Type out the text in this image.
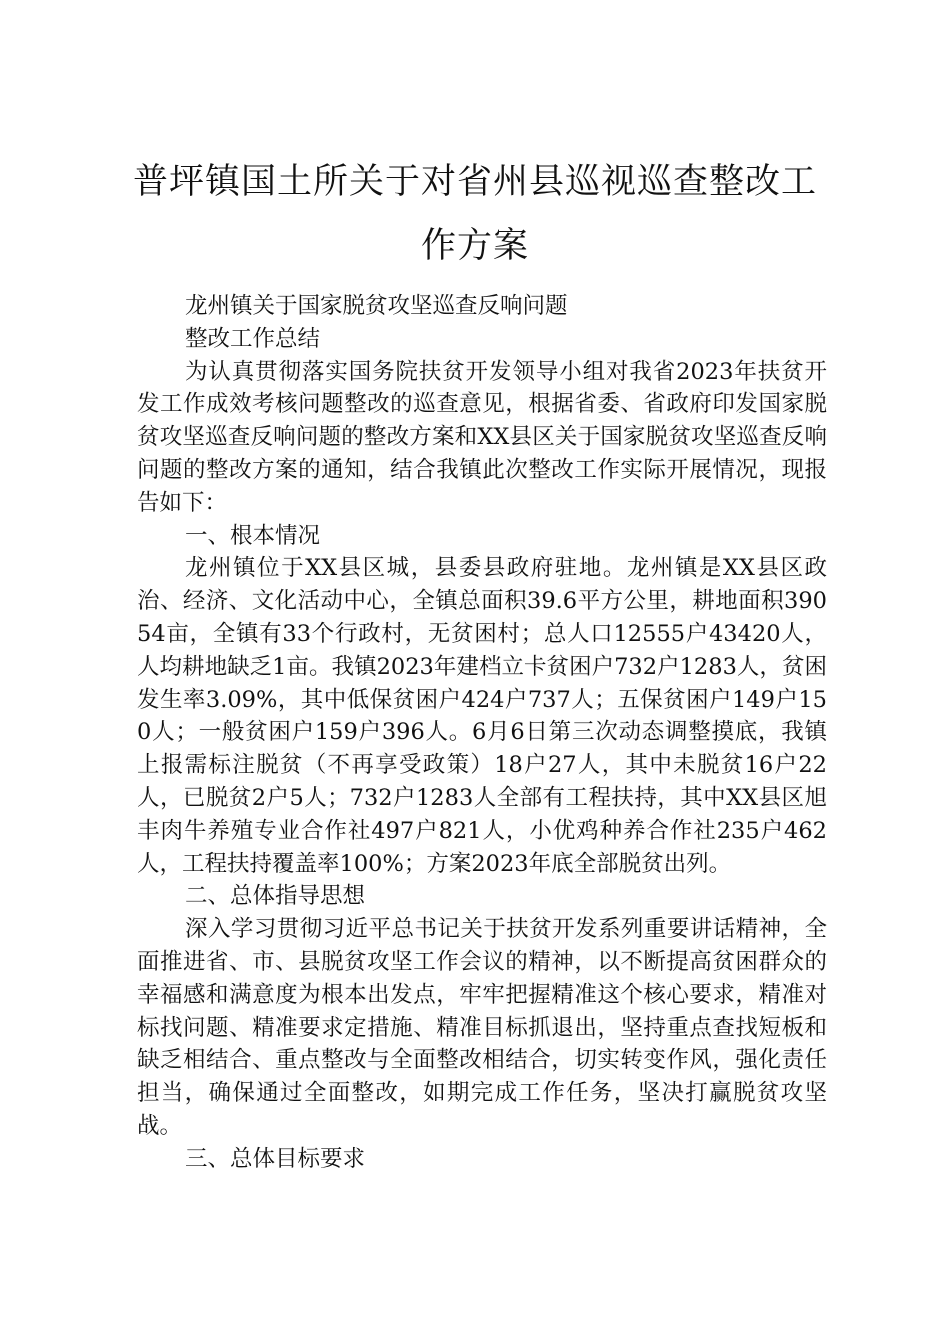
普坪镇国土所关于对省州县巡视巡查整改工作方案

龙州镇关于国家脱贫攻坚巡查反响问题

整改工作总结

为认真贯彻落实国务院扶贫开发领导小组对我省2023年扶贫开发工作成效考核问题整改的巡查意见，根据省委、省政府印发国家脱贫攻坚巡查反响问题的整改方案和XX县区关于国家脱贫攻坚巡查反响问题的整改方案的通知，结合我镇此次整改工作实际开展情况，现报告如下：

一、根本情况

龙州镇位于XX县区城，县委县政府驻地。龙州镇是XX县区政治、经济、文化活动中心，全镇总面积39.6平方公里，耕地面积39054亩，全镇有33个行政村，无贫困村；总人口12555户43420人，人均耕地缺乏1亩。我镇2023年建档立卡贫困户732户1283人，贫困发生率3.09%，其中低保贫困户424户737人；五保贫困户149户150人；一般贫困户159户396人。6月6日第三次动态调整摸底，我镇上报需标注脱贫（不再享受政策）18户27人，其中未脱贫16户22人，已脱贫2户5人；732户1283人全部有工程扶持，其中XX县区旭丰肉牛养殖专业合作社497户821人，小优鸡种养合作社235户462人，工程扶持覆盖率100%；方案2023年底全部脱贫出列。

二、总体指导思想

深入学习贯彻习近平总书记关于扶贫开发系列重要讲话精神，全面推进省、市、县脱贫攻坚工作会议的精神，以不断提高贫困群众的幸福感和满意度为根本出发点，牢牢把握精准这个核心要求，精准对标找问题、精准要求定措施、精准目标抓退出，坚持重点查找短板和缺乏相结合、重点整改与全面整改相结合，切实转变作风，强化责任担当，确保通过全面整改，如期完成工作任务，坚决打赢脱贫攻坚战。

三、总体目标要求
